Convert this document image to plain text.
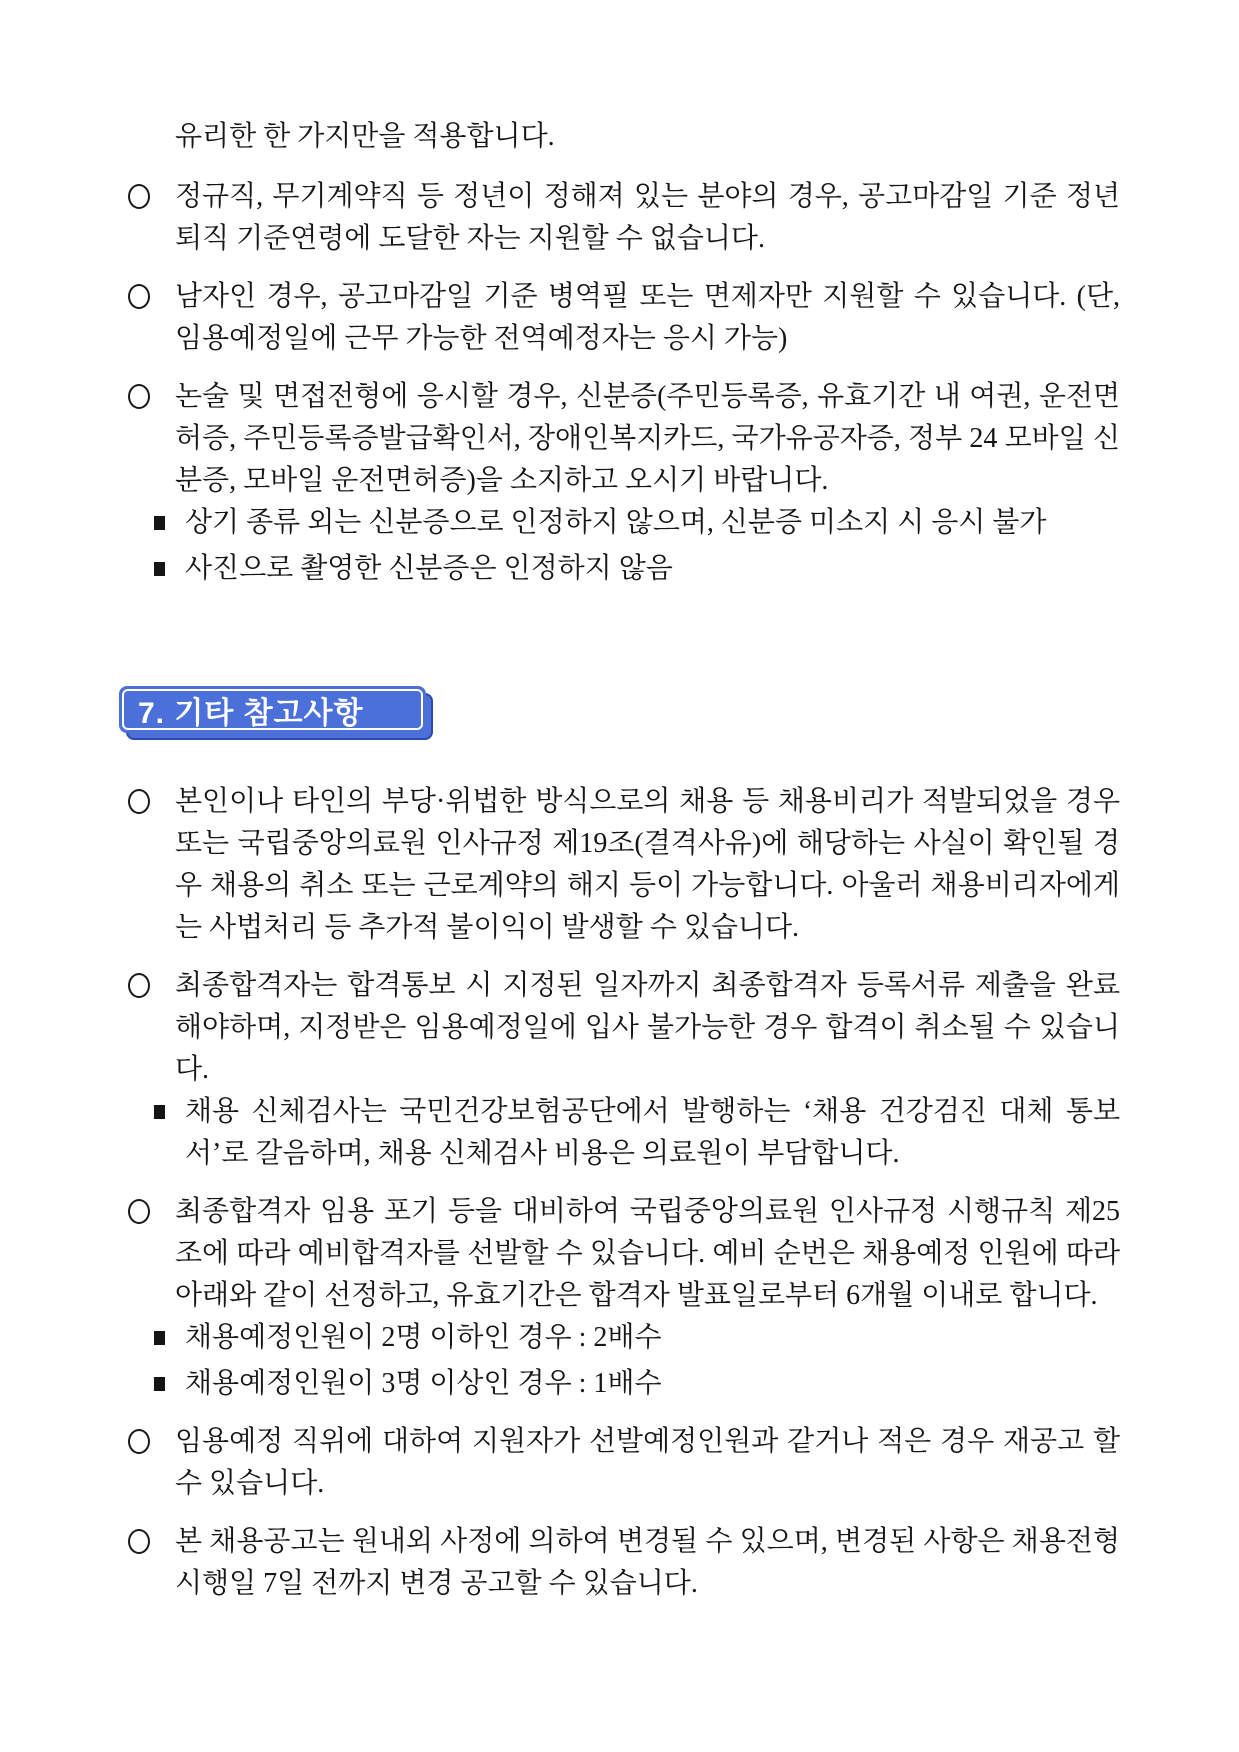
유리한 한 가지만을 적용합니다.

정규직, 무기계약직 등 정년이 정해져 있는 분야의 경우, 공고마감일 기준 정년퇴직 기준연령에 도달한 자는 지원할 수 없습니다.
남자인 경우, 공고마감일 기준 병역필 또는 면제자만 지원할 수 있습니다. (단, 임용예정일에 근무 가능한 전역예정자는 응시 가능)
논술 및 면접전형에 응시할 경우, 신분증(주민등록증, 유효기간 내 여권, 운전면허증, 주민등록증발급확인서, 장애인복지카드, 국가유공자증, 정부 24 모바일 신분증, 모바일 운전면허증)을 소지하고 오시기 바랍니다.
상기 종류 외는 신분증으로 인정하지 않으며, 신분증 미소지 시 응시 불가
사진으로 촬영한 신분증은 인정하지 않음
7. 기타 참고사항
본인이나 타인의 부당·위법한 방식으로의 채용 등 채용비리가 적발되었을 경우 또는 국립중앙의료원 인사규정 제19조(결격사유)에 해당하는 사실이 확인될 경우 채용의 취소 또는 근로계약의 해지 등이 가능합니다. 아울러 채용비리자에게는 사법처리 등 추가적 불이익이 발생할 수 있습니다.
최종합격자는 합격통보 시 지정된 일자까지 최종합격자 등록서류 제출을 완료해야하며, 지정받은 임용예정일에 입사 불가능한 경우 합격이 취소될 수 있습니다.
채용 신체검사는 국민건강보험공단에서 발행하는 ‘채용 건강검진 대체 통보서’로 갈음하며, 채용 신체검사 비용은 의료원이 부담합니다.
최종합격자 임용 포기 등을 대비하여 국립중앙의료원 인사규정 시행규칙 제25조에 따라 예비합격자를 선발할 수 있습니다. 예비 순번은 채용예정 인원에 따라 아래와 같이 선정하고, 유효기간은 합격자 발표일로부터 6개월 이내로 합니다.
채용예정인원이 2명 이하인 경우 : 2배수
채용예정인원이 3명 이상인 경우 : 1배수
임용예정 직위에 대하여 지원자가 선발예정인원과 같거나 적은 경우 재공고 할 수 있습니다.
본 채용공고는 원내외 사정에 의하여 변경될 수 있으며, 변경된 사항은 채용전형 시행일 7일 전까지 변경 공고할 수 있습니다.
